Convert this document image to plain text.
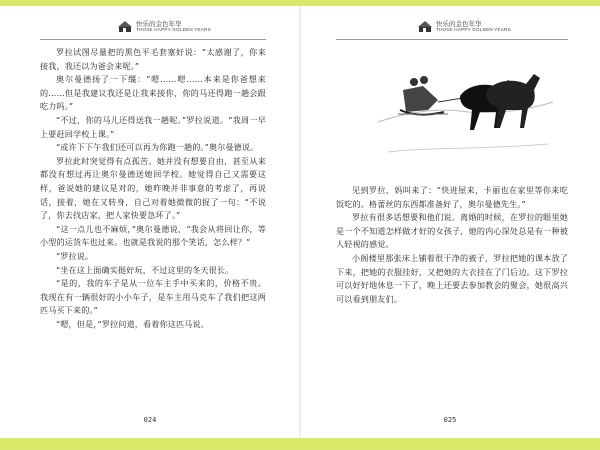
快乐的金色年华
THOSE HAPPY GOLDEN YEARS

罗拉试图尽量把的黑色平毛套塞好说：“太感谢了，你来接我，我还以为爸会来呢。”

奥尔曼德扬了一下缰：“嗯……嗯……本来是你爸想来的……但是我建议我还是让我来接你，你的马还得跑一趟会跟吃力吗。”

“不过，你的马儿还得送我一趟呢。”罗拉说道。“我周一早上要赶回学校上课。”

“或许下下午我们还可以再为你跑一趟的。”奥尔曼德说。

罗拉此时突觉得有点孤苦。她并没有想要自由，甚至从来都没有想过再让奥尔曼德送她回学校。她觉得自己又需要这样，爸说她的建议是对的，她昨晚并非事意的考虑了，再说话，接着，她在又转身，自己对着她微微的捉了一句：“不说了，你去找店家，把人家快要急坏了。”

“这一点儿也不麻烦，”奥尔曼德说，“我会从将回让你，等小型的运货车也过来。也就是我说的那个笑话，怎么样？”

“罗拉说。

“坐在这上面确实挺好玩，不过这里的冬天很长。

“是的，我的车子是从一位车主手中买来的，价格不贵。我现在有一辆很好的小小车子，是车主用马克车了我们把这两匹马买下来的。”

“嗯，但是，”罗拉问道，看着你这匹马说。

024
快乐的金色年华
THOSE HAPPY GOLDEN YEARS

见到罗拉，妈叫来了：“快进屋来，卡丽也在家里等你来吃饭吃的。格蕾丝的东西都准备好了，奥尔曼德先生。”

罗拉有很多话想要和他们说。离婚的时候，在罗拉的眼里她是一个不知道怎样做才好的女孩子，她的内心深处总是有一种被人轻视的感觉。

小阁楼里那张床上铺着很干净的被子，罗拉把她的课本放了下来，把她的衣服挂好，又把她的大衣挂在了门后边。这下罗拉可以好好地休息一下了，晚上还要去参加教会的聚会，她很高兴可以看到朋友们。

025
